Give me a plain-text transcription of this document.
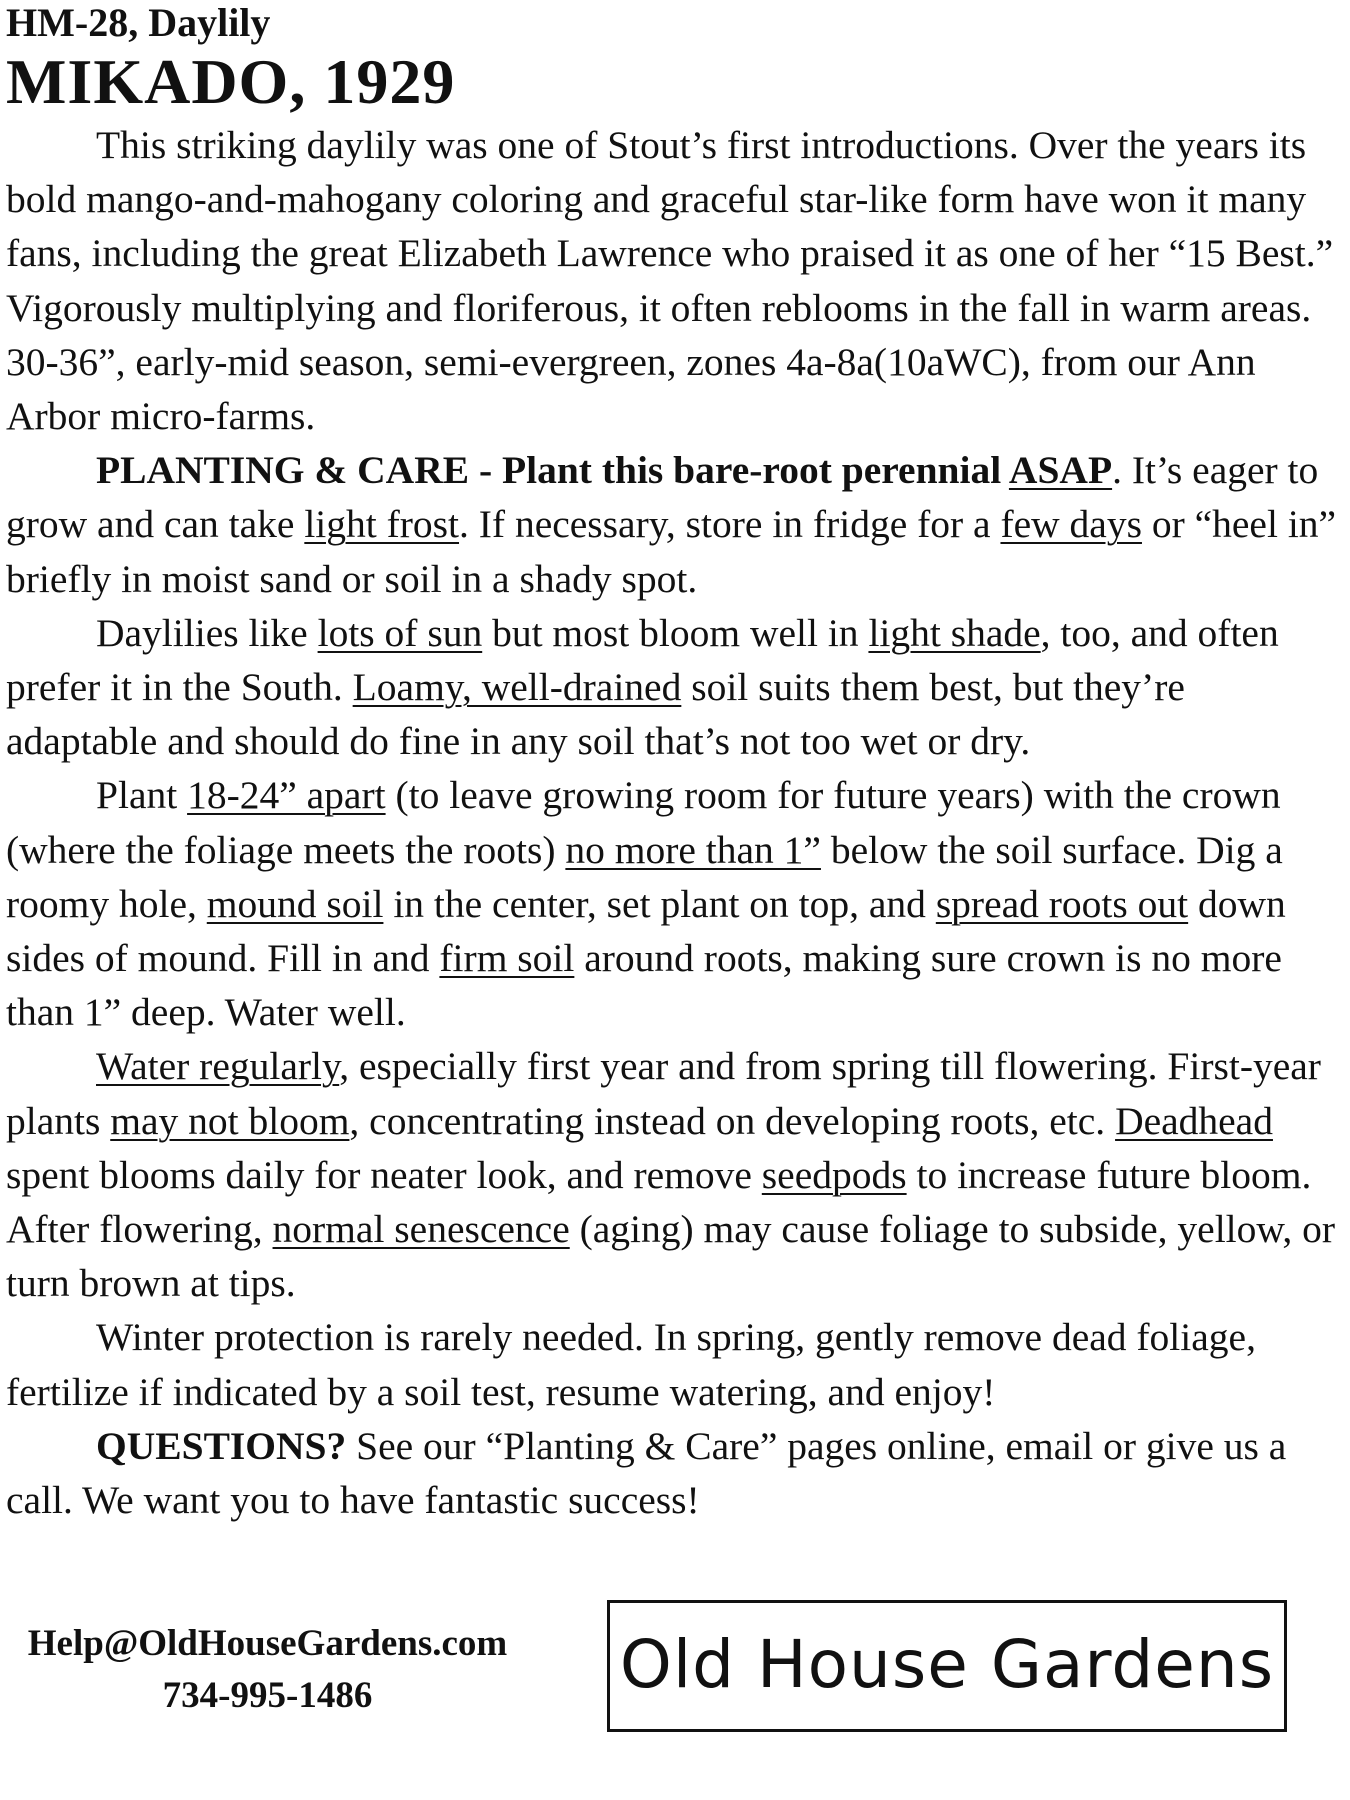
HM-28, Daylily
MIKADO, 1929

This striking daylily was one of Stout’s first introductions. Over the years its bold mango-and-mahogany coloring and graceful star-like form have won it many fans, including the great Elizabeth Lawrence who praised it as one of her “15 Best.” Vigorously multiplying and floriferous, it often reblooms in the fall in warm areas. 30-36”, early-mid season, semi-evergreen, zones 4a-8a(10aWC), from our Ann Arbor micro-farms.

PLANTING & CARE - Plant this bare-root perennial ASAP. It’s eager to grow and can take light frost. If necessary, store in fridge for a few days or “heel in” briefly in moist sand or soil in a shady spot.

Daylilies like lots of sun but most bloom well in light shade, too, and often prefer it in the South. Loamy, well-drained soil suits them best, but they’re adaptable and should do fine in any soil that’s not too wet or dry.

Plant 18-24” apart (to leave growing room for future years) with the crown (where the foliage meets the roots) no more than 1” below the soil surface. Dig a roomy hole, mound soil in the center, set plant on top, and spread roots out down sides of mound. Fill in and firm soil around roots, making sure crown is no more than 1” deep. Water well.

Water regularly, especially first year and from spring till flowering. First-year plants may not bloom, concentrating instead on developing roots, etc. Deadhead spent blooms daily for neater look, and remove seedpods to increase future bloom. After flowering, normal senescence (aging) may cause foliage to subside, yellow, or turn brown at tips.

Winter protection is rarely needed. In spring, gently remove dead foliage, fertilize if indicated by a soil test, resume watering, and enjoy!

QUESTIONS? See our “Planting & Care” pages online, email or give us a call. We want you to have fantastic success!

Help@OldHouseGardens.com
734-995-1486	Old House Gardens
